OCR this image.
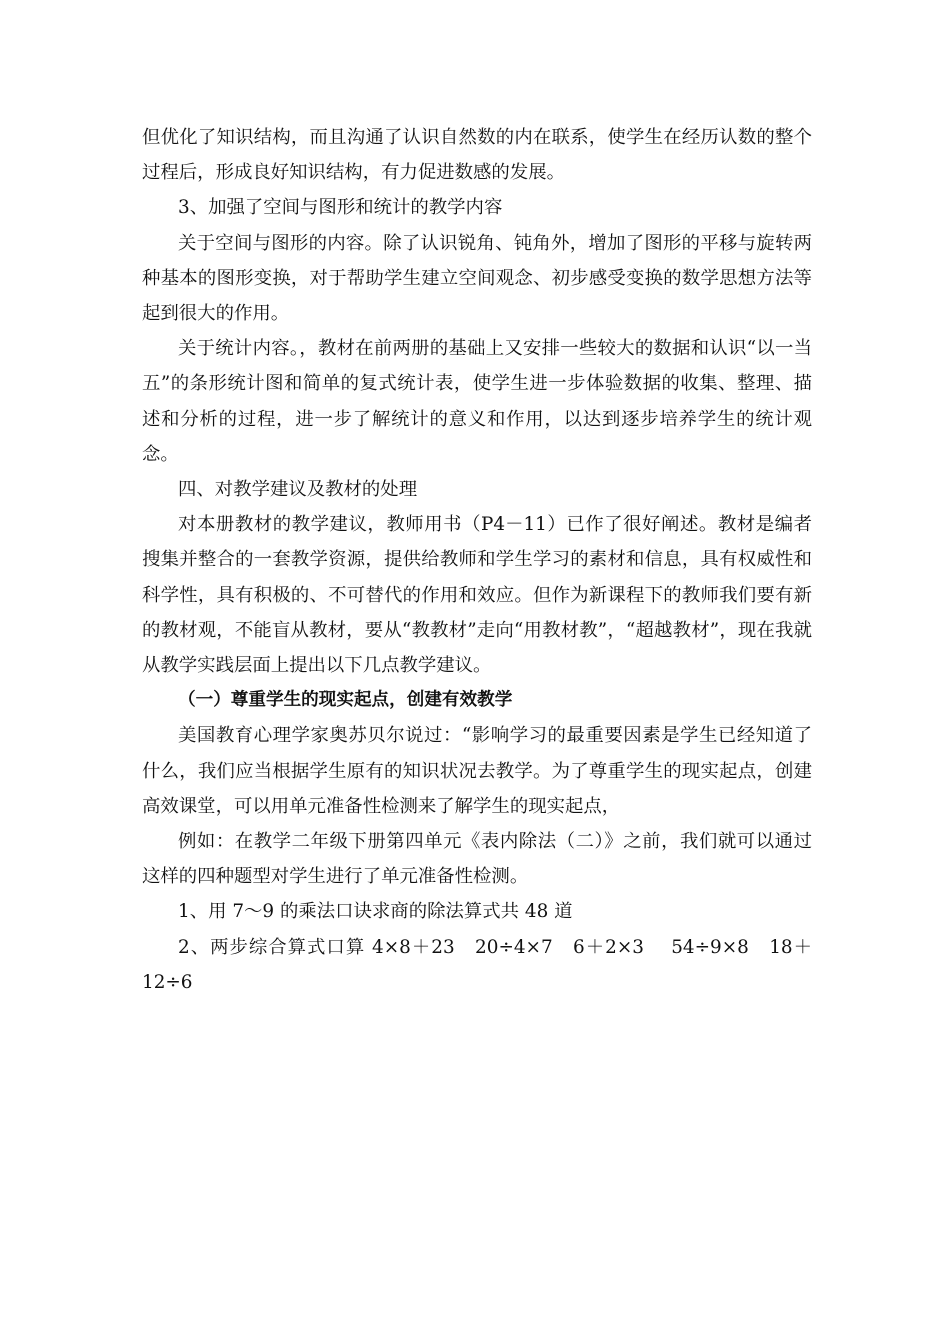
但优化了知识结构，而且沟通了认识自然数的内在联系，使学生在经历认数的整个过程后，形成良好知识结构，有力促进数感的发展。

3、加强了空间与图形和统计的教学内容

关于空间与图形的内容。除了认识锐角、钝角外，增加了图形的平移与旋转两种基本的图形变换，对于帮助学生建立空间观念、初步感受变换的数学思想方法等起到很大的作用。

关于统计内容。，教材在前两册的基础上又安排一些较大的数据和认识“以一当五”的条形统计图和简单的复式统计表，使学生进一步体验数据的收集、整理、描述和分析的过程，进一步了解统计的意义和作用，以达到逐步培养学生的统计观念。

四、对教学建议及教材的处理

对本册教材的教学建议，教师用书（P4－11）已作了很好阐述。教材是编者搜集并整合的一套教学资源，提供给教师和学生学习的素材和信息，具有权威性和科学性，具有积极的、不可替代的作用和效应。但作为新课程下的教师我们要有新的教材观，不能盲从教材，要从“教教材”走向“用教材教”，“超越教材”，现在我就从教学实践层面上提出以下几点教学建议。

（一）尊重学生的现实起点，创建有效教学

美国教育心理学家奥苏贝尔说过：“影响学习的最重要因素是学生已经知道了什么，我们应当根据学生原有的知识状况去教学。为了尊重学生的现实起点，创建高效课堂，可以用单元准备性检测来了解学生的现实起点，

例如：在教学二年级下册第四单元《表内除法（二）》之前，我们就可以通过这样的四种题型对学生进行了单元准备性检测。

1、用 7～9 的乘法口诀求商的除法算式共 48 道

2、两步综合算式口算 4×8＋23　20÷4×7　6＋2×3　 54÷9×8　18＋12÷6
